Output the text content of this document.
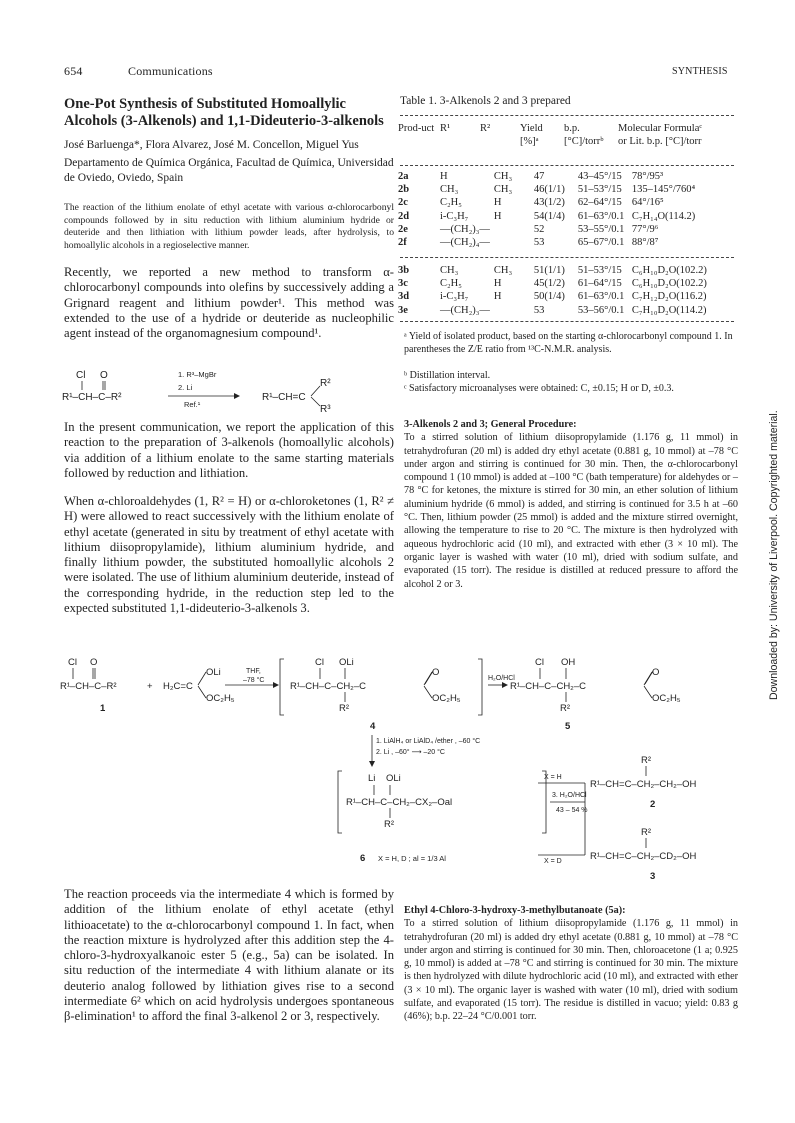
654	Communications	SYNTHESIS
One-Pot Synthesis of Substituted Homoallylic Alcohols (3-Alkenols) and 1,1-Dideuterio-3-alkenols
José Barluenga*, Flora Alvarez, José M. Concellon, Miguel Yus
Departamento de Química Orgánica, Facultad de Química, Universidad de Oviedo, Oviedo, Spain
The reaction of the lithium enolate of ethyl acetate with various α-chlorocarbonyl compounds followed by in situ reduction with lithium aluminium hydride or deuteride and then lithiation with lithium powder leads, after hydrolysis, to homoallylic alcohols in a regioselective manner.
Recently, we reported a new method to transform α-chlorocarbonyl compounds into olefins by successively adding a Grignard reagent and lithium powder¹. This method was extended to the use of a hydride or deuteride as nucleophilic agent instead of the organomagnesium compound¹.
Cl O
R¹–CH–C–R²	R¹–CH=C
R²
R³
1. R³–MgBr
2. Li
Ref.¹
In the present communication, we report the application of this reaction to the preparation of 3-alkenols (homoallylic alcohols) via addition of a lithium enolate to the same starting materials followed by reduction and lithiation.
When α-chloroaldehydes (1, R² = H) or α-chloroketones (1, R² ≠ H) were allowed to react successively with the lithium enolate of ethyl acetate (generated in situ by treatment of ethyl acetate with lithium diisopropylamide), lithium aluminium hydride, and finally lithium powder, the substituted homoallylic alcohols 2 were isolated. The use of lithium aluminium deuteride, instead of the corresponding hydride, in the reduction step led to the expected substituted 1,1-dideuterio-3-alkenols 3.
Table 1. 3-Alkenols 2 and 3 prepared
Prod-uct	R¹	R²	Yield [%]ᵃ	b.p. [°C]/torrᵇ	Molecular Formulaᶜ or Lit. b.p. [°C]/torr
2a	H	CH₃	47	43–45°/15	78°/95³
2b	CH₃	CH₃	46(1/1)	51–53°/15	135–145°/760⁴
2c	C₂H₅	H	43(1/2)	62–64°/15	64°/16⁵
2d	i-C₃H₇	H	54(1/4)	61–63°/0.1	C₇H₁₄O(114.2)
2e	—(CH₂)₃—		52	53–55°/0.1	77°/9⁶
2f	—(CH₂)₄—		53	65–67°/0.1	88°/8⁷
3b	CH₃	CH₃	51(1/1)	51–53°/15	C₆H₁₀D₂O(102.2)
3c	C₂H₅	H	45(1/2)	61–64°/15	C₆H₁₀D₂O(102.2)
3d	i-C₃H₇	H	50(1/4)	61–63°/0.1	C₇H₁₂D₂O(116.2)
3e	—(CH₂)₃—		53	53–56°/0.1	C₇H₁₀D₂O(114.2)
ᵃ Yield of isolated product, based on the starting α-chlorocarbonyl compound 1. In parentheses the Z/E ratio from ¹³C-N.M.R. analysis.
ᵇ Distillation interval.
ᶜ Satisfactory microanalyses were obtained: C, ±0.15; H or D, ±0.3.
3-Alkenols 2 and 3; General Procedure:
To a stirred solution of lithium diisopropylamide (1.176 g, 11 mmol) in tetrahydrofuran (20 ml) is added dry ethyl acetate (0.881 g, 10 mmol) at –78 °C under argon and stirring is continued for 30 min. Then, the α-chlorocarbonyl compound 1 (10 mmol) is added at –100 °C (bath temperature) for aldehydes or –78 °C for ketones, the mixture is stirred for 30 min, an ether solution of lithium aluminium hydride (6 mmol) is added, and stirring is continued for 3.5 h at –60 °C. Then, lithium powder (25 mmol) is added and the mixture stirred overnight, allowing the temperature to rise to 20 °C. The mixture is then hydrolyzed with aqueous hydrochloric acid (10 ml), and extracted with ether (3 × 10 ml). The organic layer is washed with water (10 ml), dried with sodium sulfate, and evaporated (15 torr). The residue is distilled at reduced pressure to afford the alcohol 2 or 3.
Cl O
R¹–CH–C–R²	+ H₂C=C
OLi
OC₂H₅
1
Cl OLi
R¹–CH–C–CH₂–C
O
OC₂H₅
R²
4
Cl OH
R¹–CH–C–CH₂–C
O
OC₂H₅
R²
5
Li OLi
R¹–CH–C–CH₂–CX₂–Oal
R²
6 X = H, D ; al = 1/3 Al
R²
R¹–CH=C–CH₂–CH₂–OH
2
R²
R¹–CH=C–CH₂–CD₂–OH
3
THF,
–78 °C	H₂O/HCl
1. LiAlH₄ or LiAlD₄ /ether , –60 °C
2. Li , –60° ⟶ –20 °C
3. H₂O/HCl
43 – 54 %
X = H
X = D
The reaction proceeds via the intermediate 4 which is formed by addition of the lithium enolate of ethyl acetate (ethyl lithioacetate) to the α-chlorocarbonyl compound 1. In fact, when the reaction mixture is hydrolyzed after this addition step the 4-chloro-3-hydroxyalkanoic ester 5 (e.g., 5a) can be isolated. In situ reduction of the intermediate 4 with lithium alanate or its deuterio analog followed by lithiation gives rise to a second intermediate 6² which on acid hydrolysis undergoes spontaneous β-elimination¹ to afford the final 3-alkenol 2 or 3, respectively.
Ethyl 4-Chloro-3-hydroxy-3-methylbutanoate (5a):
To a stirred solution of lithium diisopropylamide (1.176 g, 11 mmol) in tetrahydrofuran (20 ml) is added dry ethyl acetate (0.881 g, 10 mmol) at –78 °C under argon and stirring is continued for 30 min. Then, chloroacetone (1 a; 0.925 g, 10 mmol) is added at –78 °C and stirring is continued for 30 min. The mixture is then hydrolyzed with dilute hydrochloric acid (10 ml), and extracted with ether (3 × 10 ml). The organic layer is washed with water (10 ml), dried with sodium sulfate, and evaporated (15 torr). The residue is distilled in vacuo; yield: 0.83 g (46%); b.p. 22–24 °C/0.001 torr.
Downloaded by: University of Liverpool. Copyrighted material.
